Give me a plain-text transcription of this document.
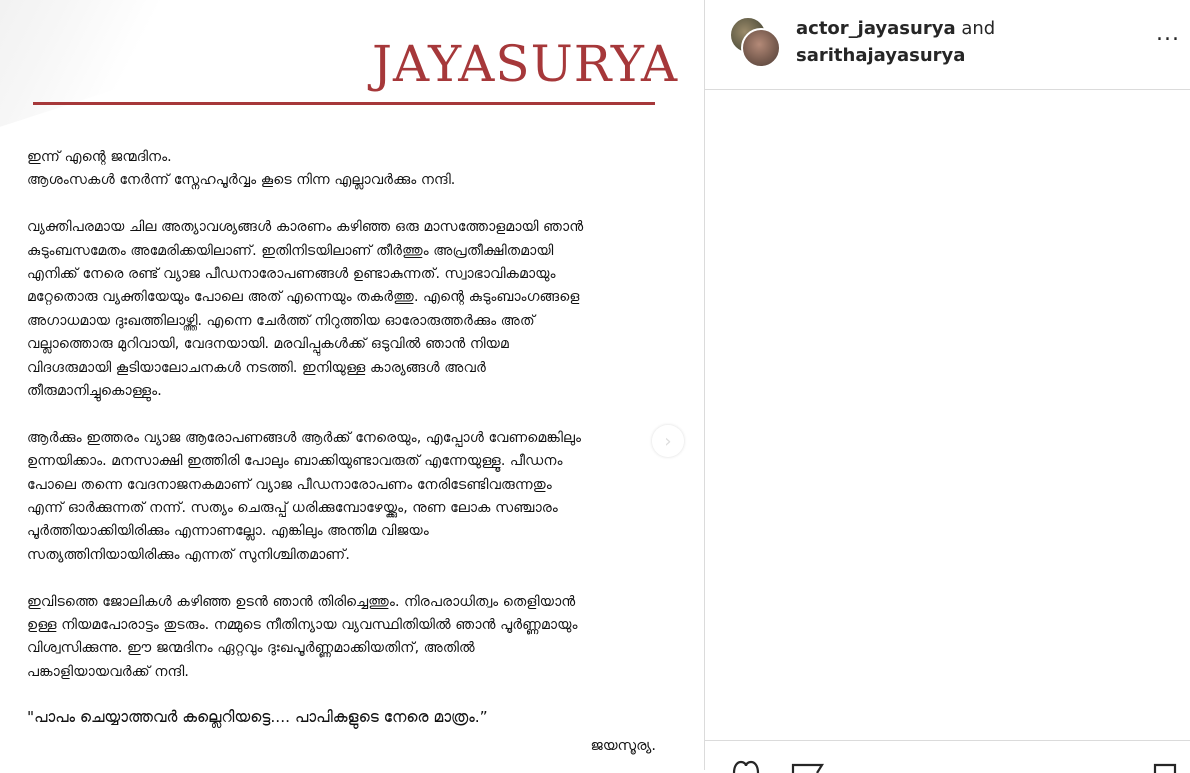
JAYASURYA

ഇന്ന് എന്റെ ജന്മദിനം.

ആശംസകൾ നേർന്ന് സ്നേഹപൂർവ്വം കൂടെ നിന്ന എല്ലാവർക്കും നന്ദി.

വ്യക്തിപരമായ ചില അത്യാവശ്യങ്ങൾ കാരണം കഴിഞ്ഞ ഒരു മാസത്തോളമായി ഞാൻ

കുടുംബസമേതം അമേരിക്കയിലാണ്. ഇതിനിടയിലാണ് തീർത്തും അപ്രതീക്ഷിതമായി

എനിക്ക് നേരെ രണ്ട് വ്യാജ പീഡനാരോപണങ്ങൾ ഉണ്ടാകുന്നത്. സ്വാഭാവികമായും

മറ്റേതൊരു വ്യക്തിയേയും പോലെ അത് എന്നെയും തകർത്തു. എന്റെ കുടുംബാംഗങ്ങളെ

അഗാധമായ ദുഃഖത്തിലാഴ്ത്തി. എന്നെ ചേർത്ത് നിറുത്തിയ ഓരോരുത്തർക്കും അത്

വല്ലാത്തൊരു മുറിവായി, വേദനയായി. മരവിപ്പുകൾക്ക് ഒടുവിൽ ഞാൻ നിയമ

വിദഗ്ദരുമായി കൂടിയാലോചനകൾ നടത്തി. ഇനിയുള്ള കാര്യങ്ങൾ അവർ

തീരുമാനിച്ചുകൊള്ളും.

ആർക്കും ഇത്തരം വ്യാജ ആരോപണങ്ങൾ ആർക്ക് നേരെയും, എപ്പോൾ വേണമെങ്കിലും

ഉന്നയിക്കാം. മനസാക്ഷി ഇത്തിരി പോലും ബാക്കിയുണ്ടാവരുത് എന്നേയുള്ളൂ. പീഡനം

പോലെ തന്നെ വേദനാജനകമാണ് വ്യാജ പീഡനാരോപണം നേരിടേണ്ടിവരുന്നതും

എന്ന് ഓർക്കുന്നത് നന്ന്. സത്യം ചെരുപ്പ് ധരിക്കുമ്പോഴേയ്ക്കും, നുണ ലോക സഞ്ചാരം

പൂർത്തിയാക്കിയിരിക്കും എന്നാണല്ലോ. എങ്കിലും അന്തിമ വിജയം

സത്യത്തിനിയായിരിക്കും എന്നത് സുനിശ്ചിതമാണ്.

ഇവിടത്തെ ജോലികൾ കഴിഞ്ഞ ഉടൻ ഞാൻ തിരിച്ചെത്തും. നിരപരാധിത്വം തെളിയാൻ

ഉള്ള നിയമപോരാട്ടം തുടരും. നമ്മുടെ നീതിന്യായ വ്യവസ്ഥിതിയിൽ ഞാൻ പൂർണ്ണമായും

വിശ്വസിക്കുന്നു. ഈ ജന്മദിനം ഏറ്റവും ദുഃഖപൂർണ്ണമാക്കിയതിന്, അതിൽ

പങ്കാളിയായവർക്ക് നന്ദി.

"പാപം ചെയ്യാത്തവർ കല്ലെറിയട്ടെ.... പാപികളുടെ നേരെ മാത്രം.”

ജയസൂര്യ.

›
actor_jayasurya and
sarithajayasurya
...
